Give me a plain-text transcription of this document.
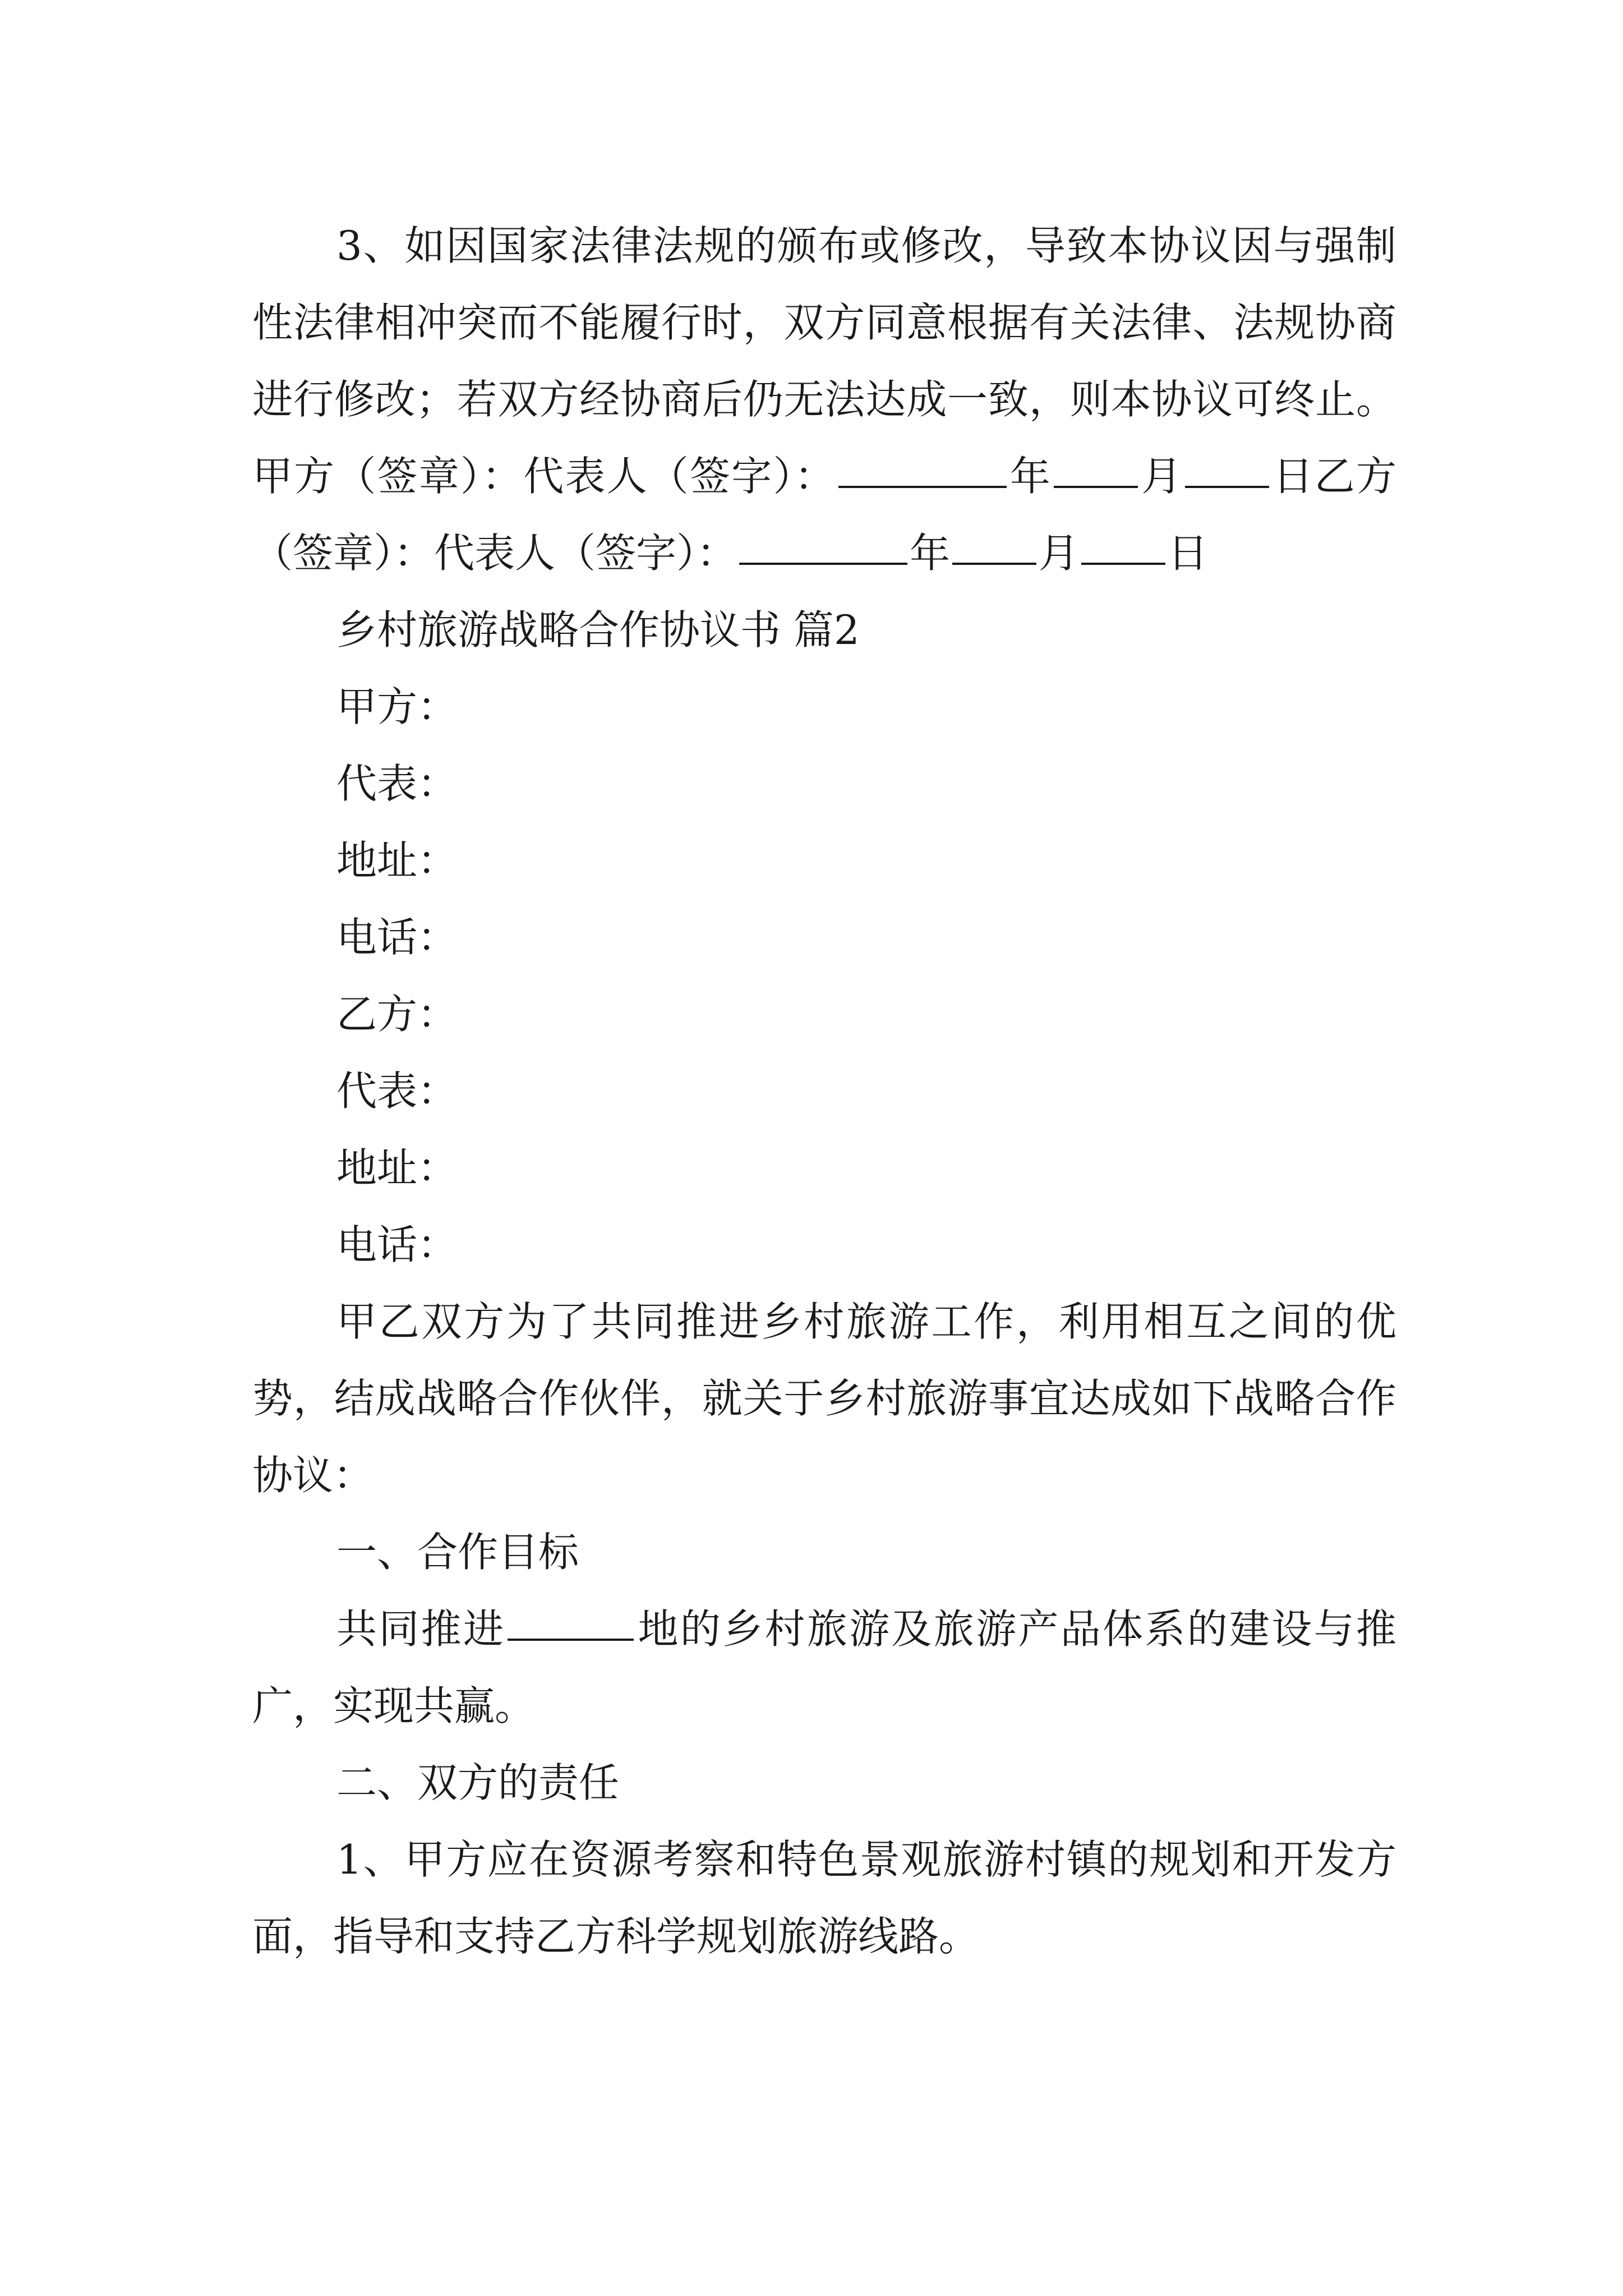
3、如因国家法律法规的颁布或修改，导致本协议因与强制性法律相冲突而不能履行时，双方同意根据有关法律、法规协商进行修改；若双方经协商后仍无法达成一致，则本协议可终止。甲方（签章）：代表人（签字）：	年 月 日乙方（签章）：代表人（签字）：	年 月 日

乡村旅游战略合作协议书 篇2

甲方：

代表：

地址：

电话：

乙方：

代表：

地址：

电话：

甲乙双方为了共同推进乡村旅游工作，利用相互之间的优势，结成战略合作伙伴，就关于乡村旅游事宜达成如下战略合作协议：

一、合作目标

共同推进	地的乡村旅游及旅游产品体系的建设与推广，实现共赢。

二、双方的责任

1、甲方应在资源考察和特色景观旅游村镇的规划和开发方面，指导和支持乙方科学规划旅游线路。
